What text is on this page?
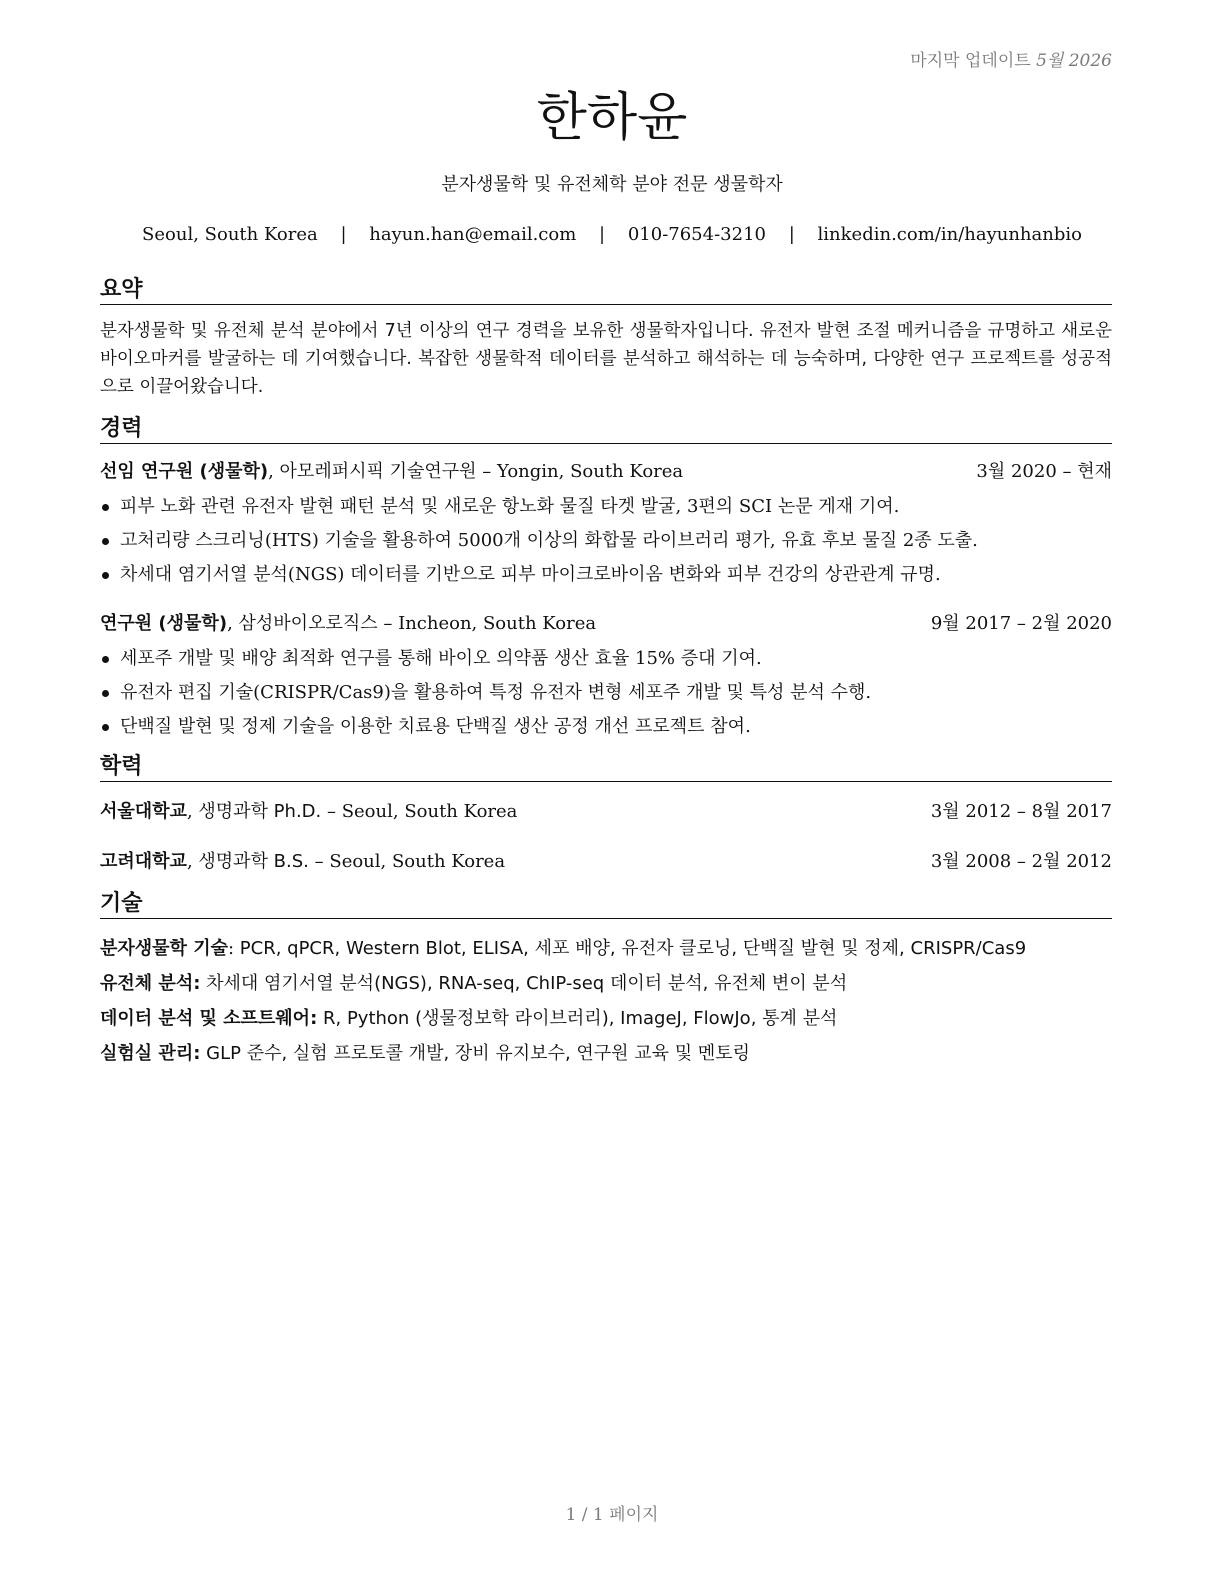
마지막 업데이트 5월 2026
한하윤
분자생물학 및 유전체학 분야 전문 생물학자
Seoul, South Korea | hayun.han@email.com | 010-7654-3210 | linkedin.com/in/hayunhanbio
요약
분자생물학 및 유전체 분석 분야에서 7년 이상의 연구 경력을 보유한 생물학자입니다. 유전자 발현 조절 메커니즘을 규명하고 새로운 바이오마커를 발굴하는 데 기여했습니다. 복잡한 생물학적 데이터를 분석하고 해석하는 데 능숙하며, 다양한 연구 프로젝트를 성공적으로 이끌어왔습니다.
경력
선임 연구원 (생물학), 아모레퍼시픽 기술연구원 – Yongin, South Korea	3월 2020 – 현재
피부 노화 관련 유전자 발현 패턴 분석 및 새로운 항노화 물질 타겟 발굴, 3편의 SCI 논문 게재 기여.
고처리량 스크리닝(HTS) 기술을 활용하여 5000개 이상의 화합물 라이브러리 평가, 유효 후보 물질 2종 도출.
차세대 염기서열 분석(NGS) 데이터를 기반으로 피부 마이크로바이옴 변화와 피부 건강의 상관관계 규명.
연구원 (생물학), 삼성바이오로직스 – Incheon, South Korea	9월 2017 – 2월 2020
세포주 개발 및 배양 최적화 연구를 통해 바이오 의약품 생산 효율 15% 증대 기여.
유전자 편집 기술(CRISPR/Cas9)을 활용하여 특정 유전자 변형 세포주 개발 및 특성 분석 수행.
단백질 발현 및 정제 기술을 이용한 치료용 단백질 생산 공정 개선 프로젝트 참여.
학력
서울대학교, 생명과학 Ph.D. – Seoul, South Korea	3월 2012 – 8월 2017
고려대학교, 생명과학 B.S. – Seoul, South Korea	3월 2008 – 2월 2012
기술
분자생물학 기술: PCR, qPCR, Western Blot, ELISA, 세포 배양, 유전자 클로닝, 단백질 발현 및 정제, CRISPR/Cas9
유전체 분석: 차세대 염기서열 분석(NGS), RNA-seq, ChIP-seq 데이터 분석, 유전체 변이 분석
데이터 분석 및 소프트웨어: R, Python (생물정보학 라이브러리), ImageJ, FlowJo, 통계 분석
실험실 관리: GLP 준수, 실험 프로토콜 개발, 장비 유지보수, 연구원 교육 및 멘토링
1 / 1 페이지
